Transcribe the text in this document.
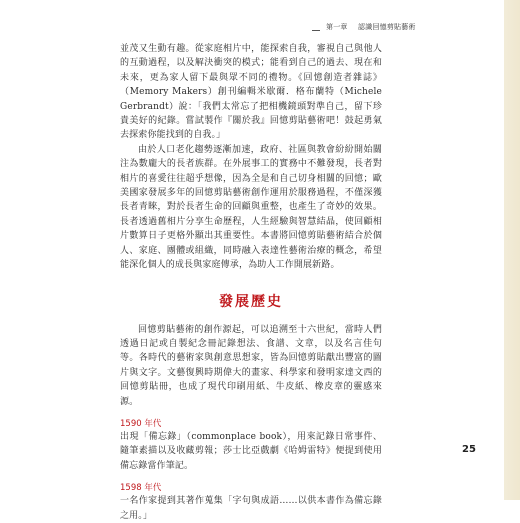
第一章 認識回憶剪貼藝術

並茂又生動有趣。從家庭相片中，能探索自我，審視自己與他人的互動過程，以及解決衝突的模式；能看到自己的過去、現在和未來，更為家人留下最與眾不同的禮物。《回憶創造者雜誌》（Memory Makers）創刊編輯米歇爾．格布蘭特（Michele Gerbrandt）說：「我們太常忘了把相機鏡頭對準自己，留下珍貴美好的紀錄。嘗試製作『關於我』回憶剪貼藝術吧！鼓起勇氣去探索你能找到的自我。」

由於人口老化趨勢逐漸加速，政府、社區與教會紛紛開始關注為數龐大的長者族群。在外展事工的實務中不難發現，長者對相片的喜愛往往超乎想像，因為全是和自己切身相關的回憶；歐美國家發展多年的回憶剪貼藝術創作運用於服務過程，不僅深獲長者青睞，對於長者生命的回顧與重整，也產生了奇妙的效果。長者透過舊相片分享生命歷程，人生經驗與智慧結晶，使回顧相片數算日子更格外顯出其重要性。本書將回憶剪貼藝術結合於個人、家庭、團體或組織，同時融入表達性藝術治療的概念，希望能深化個人的成長與家庭傳承，為助人工作開展新路。

發展歷史

回憶剪貼藝術的創作源起，可以追溯至十六世紀，當時人們透過日記或自製紀念冊記錄想法、食譜、文章，以及名言佳句等。各時代的藝術家與創意思想家，皆為回憶剪貼獻出豐富的圖片與文字。文藝復興時期偉大的畫家、科學家和發明家達文西的回憶剪貼冊，也成了現代印刷用紙、牛皮紙、橡皮章的靈感來源。

1590 年代

出現「備忘錄」（commonplace book），用來記錄日常事件、隨筆素描以及收藏剪報；莎士比亞戲劇《哈姆雷特》便提到使用備忘錄當作筆記。

1598 年代

一名作家提到其著作蒐集「字句與成語……以供本書作為備忘錄之用。」

25
